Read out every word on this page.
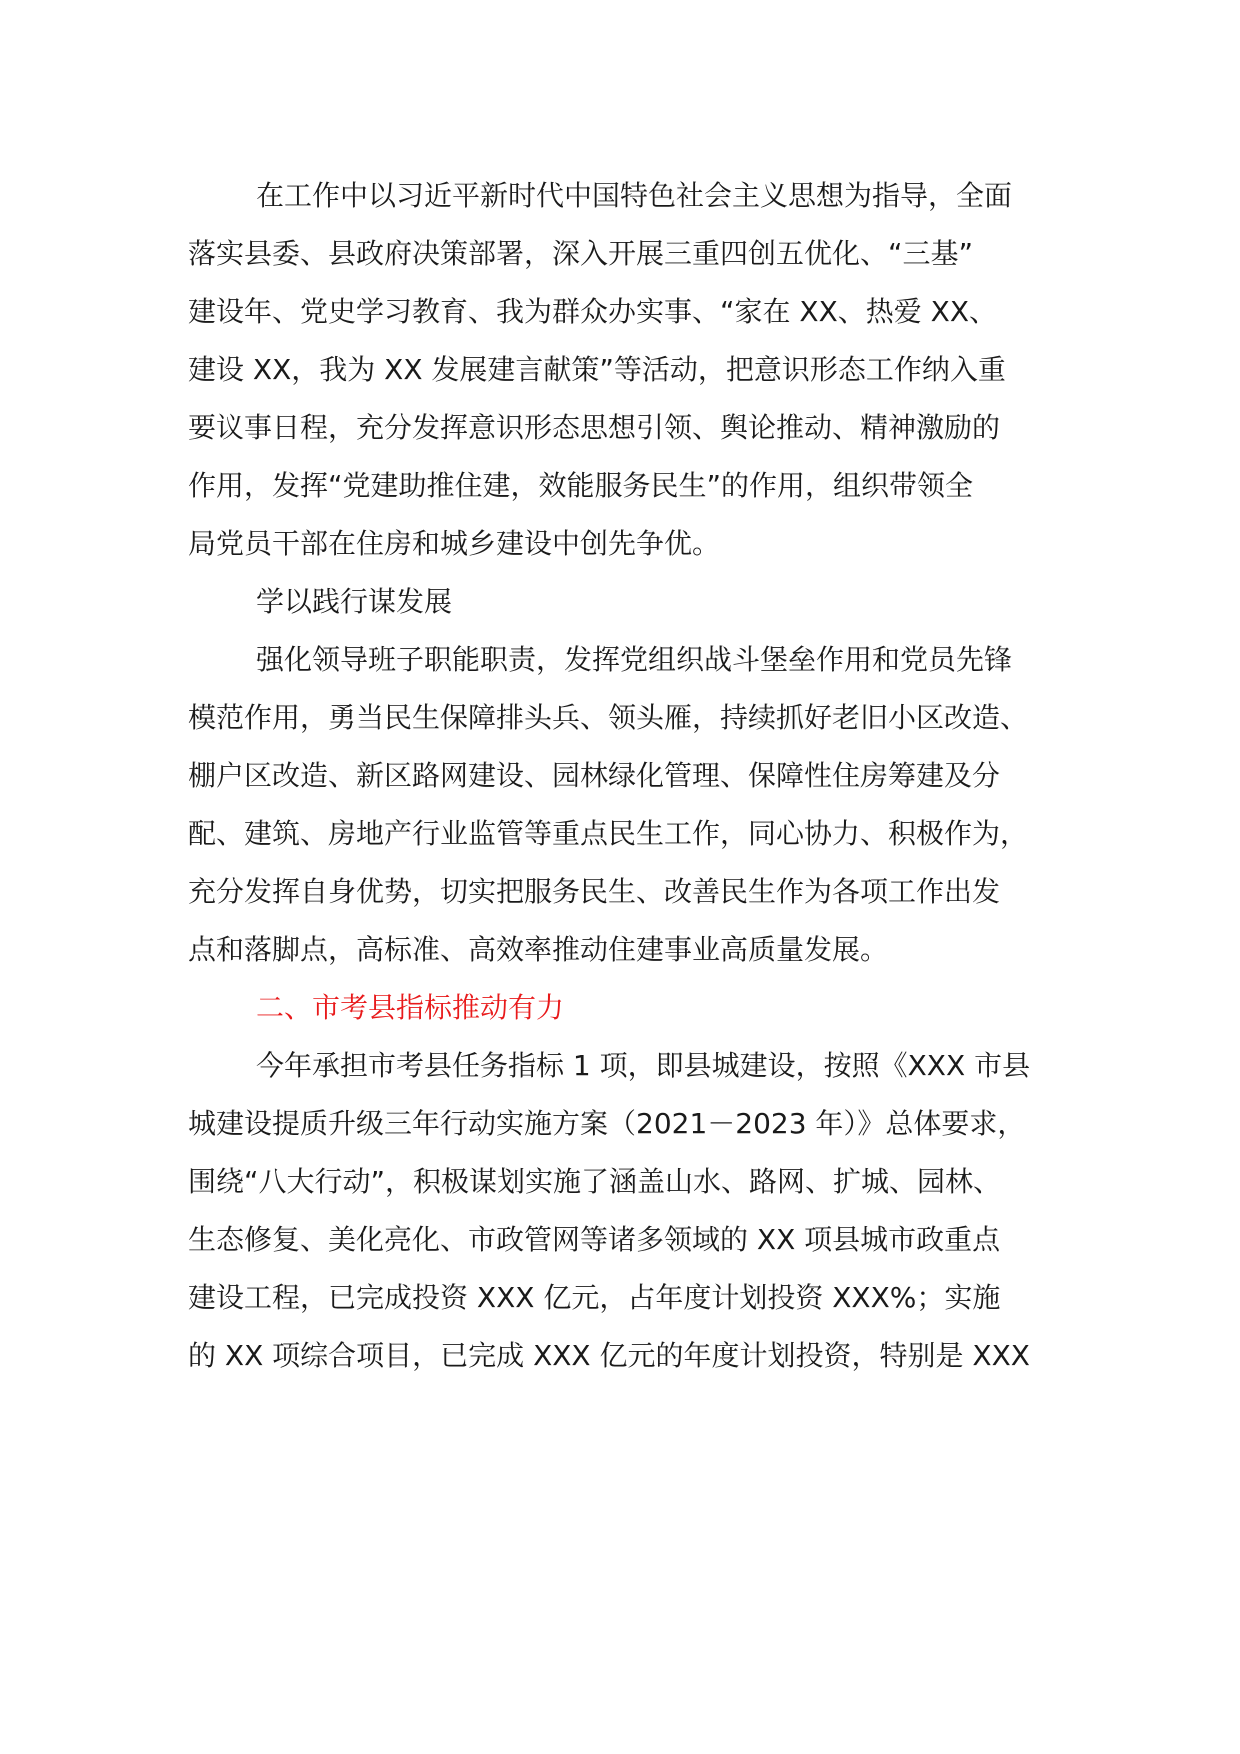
在工作中以习近平新时代中国特色社会主义思想为指导，全面
落实县委、县政府决策部署，深入开展三重四创五优化、“三基”
建设年、党史学习教育、我为群众办实事、“家在 XX、热爱 XX、
建设 XX，我为 XX 发展建言献策”等活动，把意识形态工作纳入重
要议事日程，充分发挥意识形态思想引领、舆论推动、精神激励的
作用，发挥“党建助推住建，效能服务民生”的作用，组织带领全
局党员干部在住房和城乡建设中创先争优。
学以践行谋发展
强化领导班子职能职责，发挥党组织战斗堡垒作用和党员先锋
模范作用，勇当民生保障排头兵、领头雁，持续抓好老旧小区改造、
棚户区改造、新区路网建设、园林绿化管理、保障性住房筹建及分
配、建筑、房地产行业监管等重点民生工作，同心协力、积极作为，
充分发挥自身优势，切实把服务民生、改善民生作为各项工作出发
点和落脚点，高标准、高效率推动住建事业高质量发展。
二、市考县指标推动有力
今年承担市考县任务指标 1 项，即县城建设，按照《XXX 市县
城建设提质升级三年行动实施方案（2021－2023 年）》总体要求，
围绕“八大行动”，积极谋划实施了涵盖山水、路网、扩城、园林、
生态修复、美化亮化、市政管网等诸多领域的 XX 项县城市政重点
建设工程，已完成投资 XXX 亿元，占年度计划投资 XXX%；实施
的 XX 项综合项目，已完成 XXX 亿元的年度计划投资，特别是 XXX
